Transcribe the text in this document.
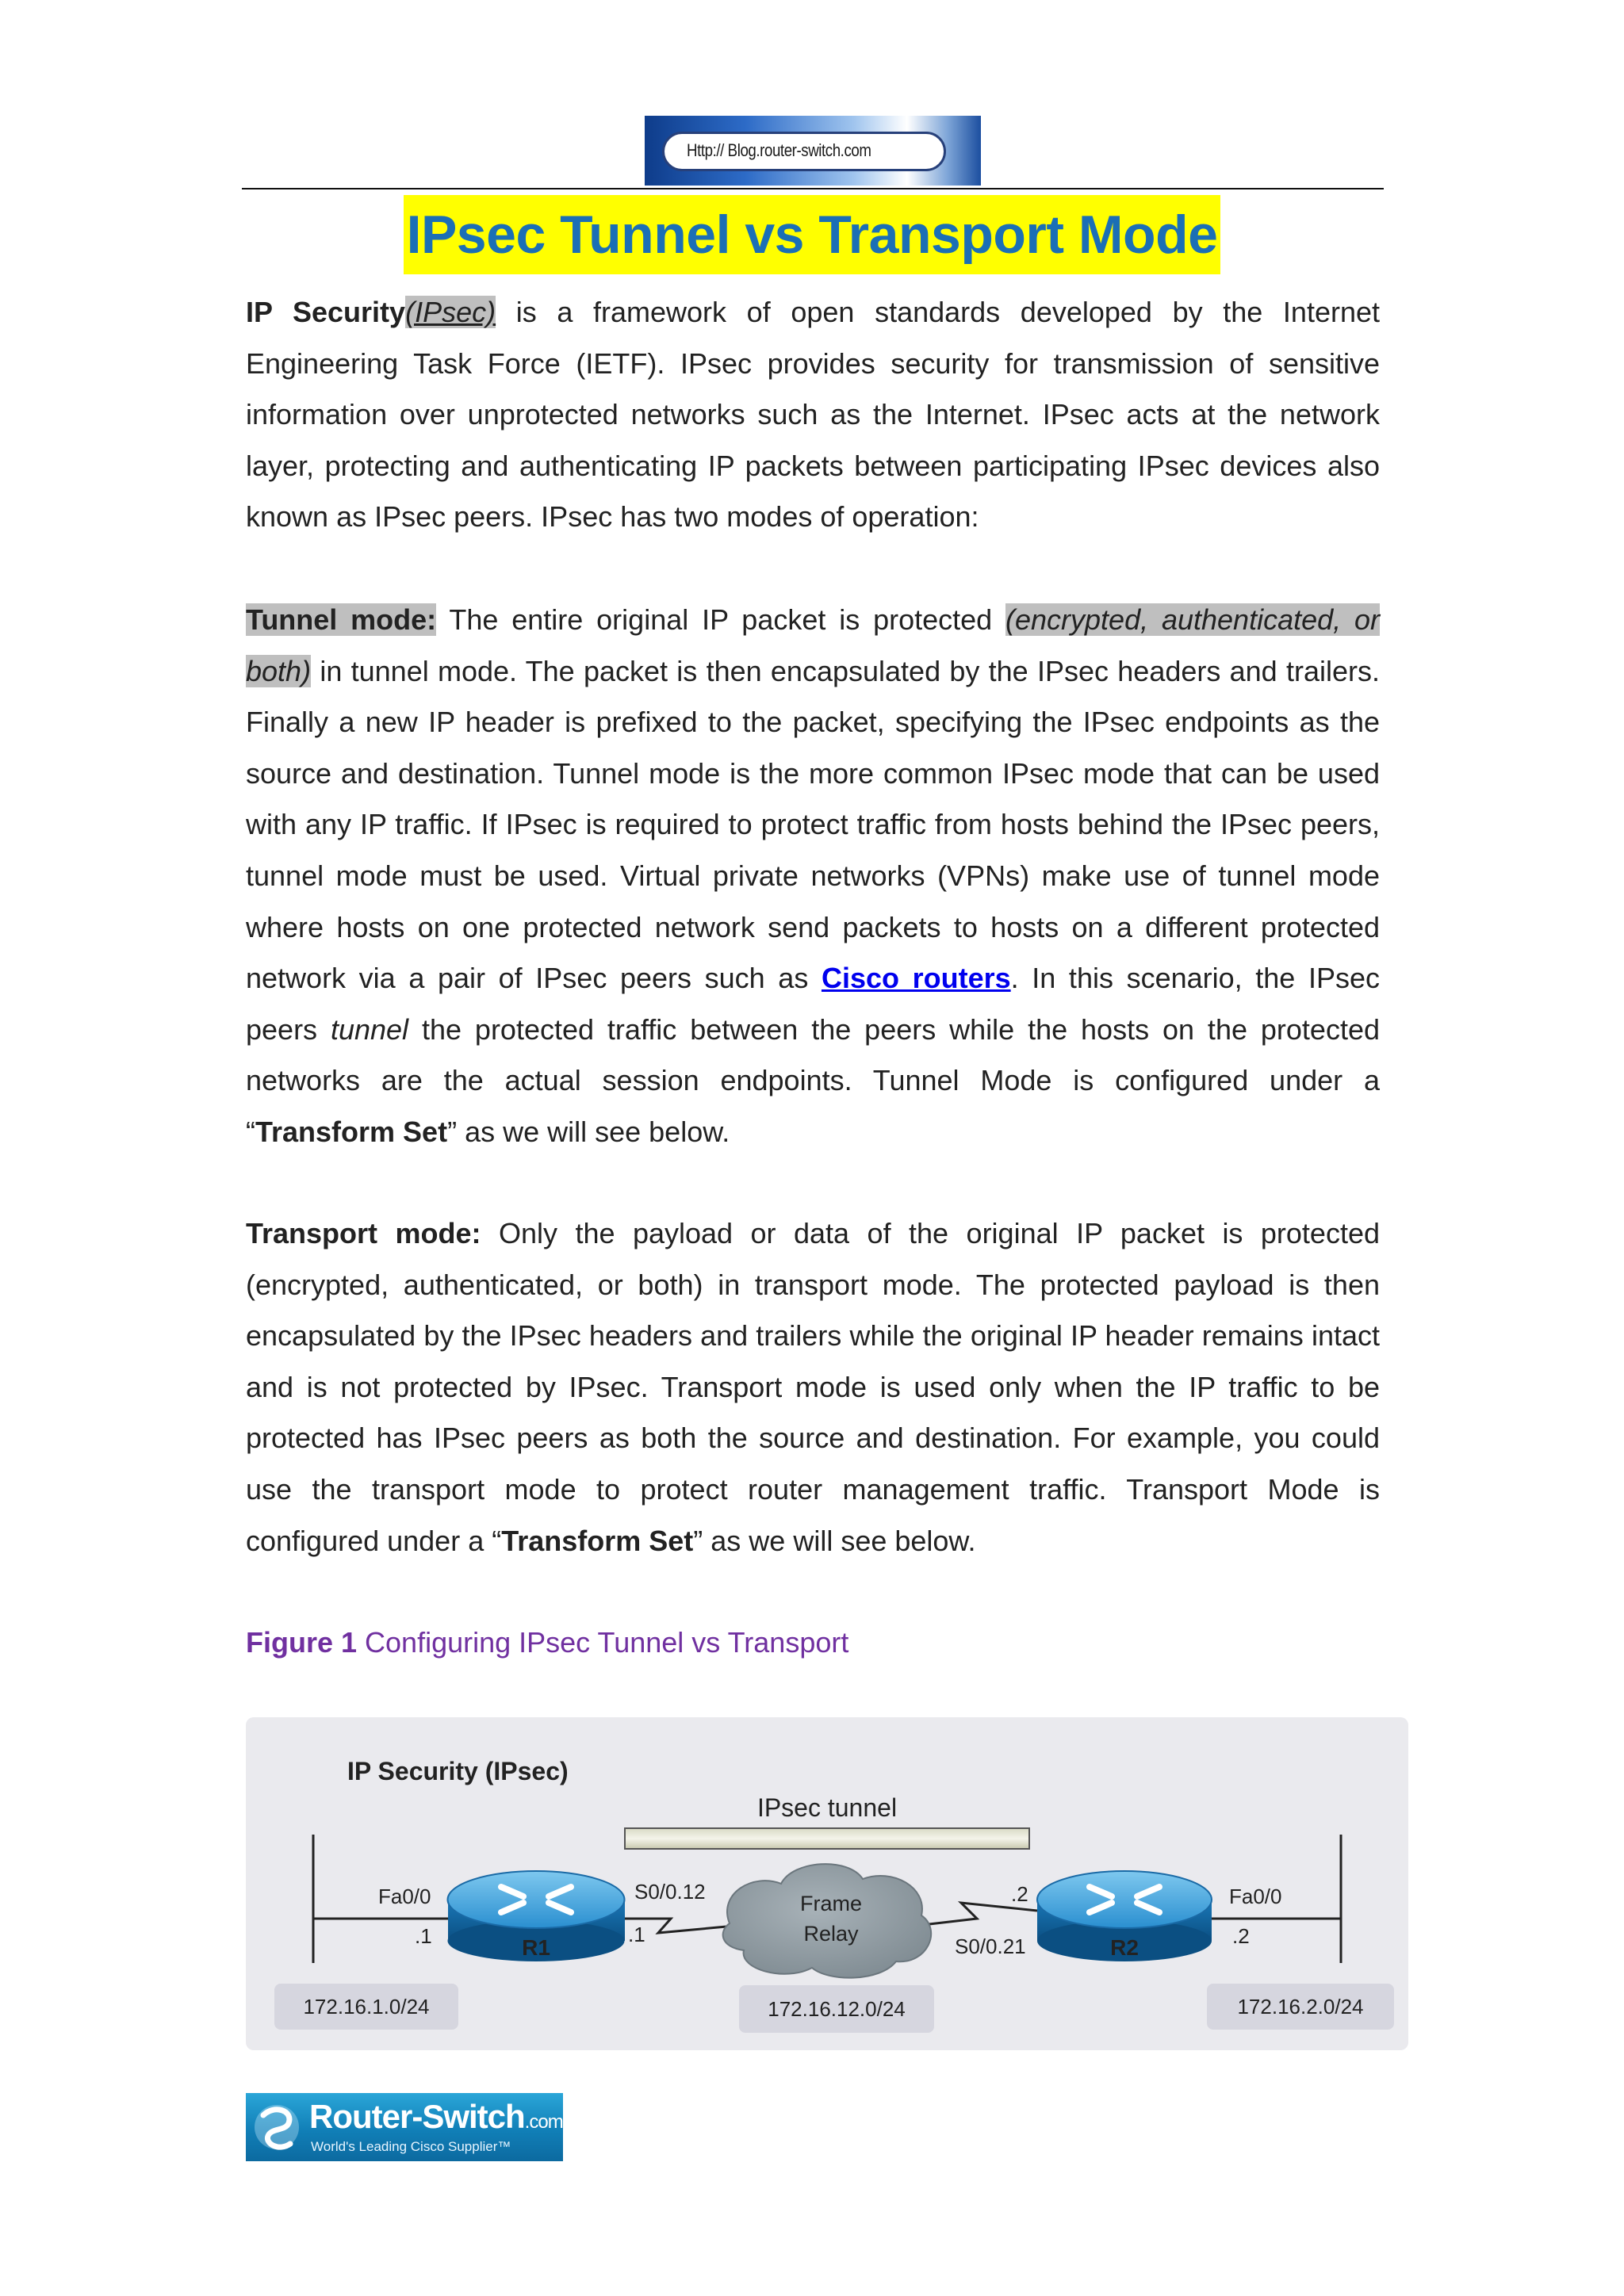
Http:// Blog.router-switch.com
IPsec Tunnel vs Transport Mode
IP Security(IPsec) is a framework of open standards developed by the Internet Engineering Task Force (IETF). IPsec provides security for transmission of sensitive information over unprotected networks such as the Internet. IPsec acts at the network layer, protecting and authenticating IP packets between participating IPsec devices also known as IPsec peers. IPsec has two modes of operation:
Tunnel mode: The entire original IP packet is protected (encrypted, authenticated, or both) in tunnel mode. The packet is then encapsulated by the IPsec headers and trailers. Finally a new IP header is prefixed to the packet, specifying the IPsec endpoints as the source and destination. Tunnel mode is the more common IPsec mode that can be used with any IP traffic. If IPsec is required to protect traffic from hosts behind the IPsec peers, tunnel mode must be used. Virtual private networks (VPNs) make use of tunnel mode where hosts on one protected network send packets to hosts on a different protected network via a pair of IPsec peers such as Cisco routers. In this scenario, the IPsec peers tunnel the protected traffic between the peers while the hosts on the protected networks are the actual session endpoints. Tunnel Mode is configured under a “Transform Set” as we will see below.
Transport mode: Only the payload or data of the original IP packet is protected (encrypted, authenticated, or both) in transport mode. The protected payload is then encapsulated by the IPsec headers and trailers while the original IP header remains intact and is not protected by IPsec. Transport mode is used only when the IP traffic to be protected has IPsec peers as both the source and destination. For example, you could use the transport mode to protect router management traffic. Transport Mode is configured under a “Transform Set” as we will see below.
Figure 1 Configuring IPsec Tunnel vs Transport
IP Security (IPsec)
IPsec tunnel
Frame
Relay
R1	R2
Fa0/0
.1
S0/0.12
.1
.2
S0/0.21
Fa0/0
.2
172.16.1.0/24	172.16.12.0/24	172.16.2.0/24
Router-Switch.com
World's Leading Cisco Supplier™
